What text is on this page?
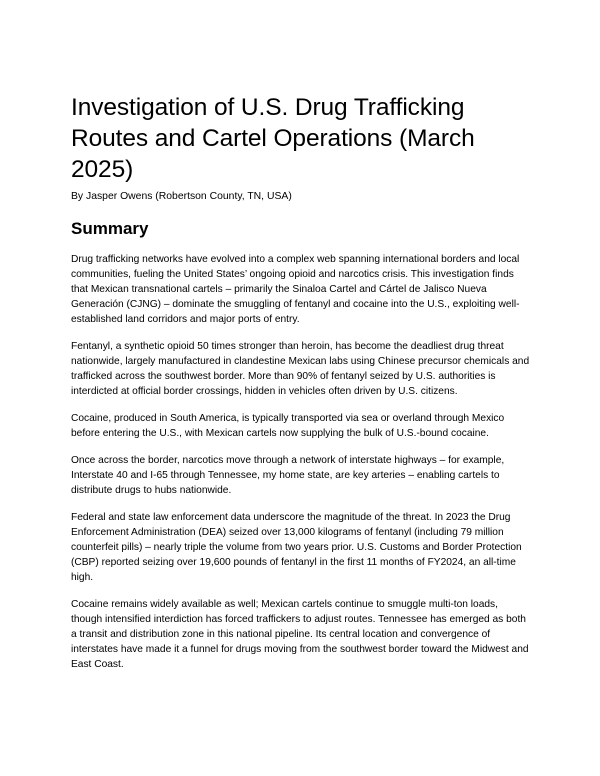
Investigation of U.S. Drug Trafficking Routes and Cartel Operations (March 2025)

By Jasper Owens (Robertson County, TN, USA)

Summary

Drug trafficking networks have evolved into a complex web spanning international borders and local communities, fueling the United States’ ongoing opioid and narcotics crisis. This investigation finds that Mexican transnational cartels – primarily the Sinaloa Cartel and Cártel de Jalisco Nueva Generación (CJNG) – dominate the smuggling of fentanyl and cocaine into the U.S., exploiting well-established land corridors and major ports of entry.

Fentanyl, a synthetic opioid 50 times stronger than heroin, has become the deadliest drug threat nationwide, largely manufactured in clandestine Mexican labs using Chinese precursor chemicals and trafficked across the southwest border. More than 90% of fentanyl seized by U.S. authorities is interdicted at official border crossings, hidden in vehicles often driven by U.S. citizens.

Cocaine, produced in South America, is typically transported via sea or overland through Mexico before entering the U.S., with Mexican cartels now supplying the bulk of U.S.-bound cocaine.

Once across the border, narcotics move through a network of interstate highways – for example, Interstate 40 and I-65 through Tennessee, my home state, are key arteries – enabling cartels to distribute drugs to hubs nationwide.

Federal and state law enforcement data underscore the magnitude of the threat. In 2023 the Drug Enforcement Administration (DEA) seized over 13,000 kilograms of fentanyl (including 79 million counterfeit pills) – nearly triple the volume from two years prior. U.S. Customs and Border Protection (CBP) reported seizing over 19,600 pounds of fentanyl in the first 11 months of FY2024, an all-time high.

Cocaine remains widely available as well; Mexican cartels continue to smuggle multi-ton loads, though intensified interdiction has forced traffickers to adjust routes. Tennessee has emerged as both a transit and distribution zone in this national pipeline. Its central location and convergence of interstates have made it a funnel for drugs moving from the southwest border toward the Midwest and East Coast.
